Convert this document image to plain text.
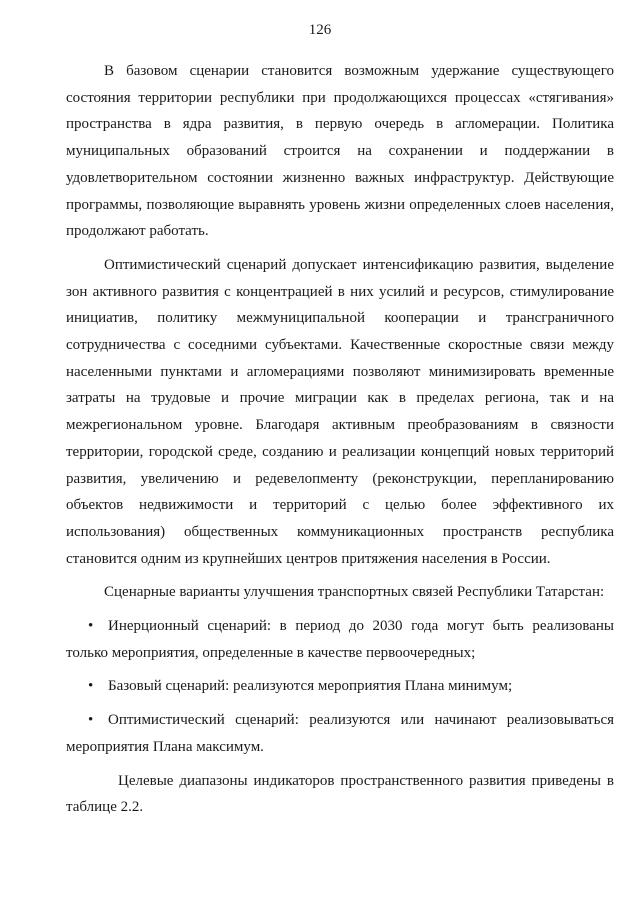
126

В базовом сценарии становится возможным удержание существующего состояния территории республики при продолжающихся процессах «стягивания» пространства в ядра развития, в первую очередь в агломерации. Политика муниципальных образований строится на сохранении и поддержании в удовлетворительном состоянии жизненно важных инфраструктур. Действующие программы, позволяющие выравнять уровень жизни определенных слоев населения, продолжают работать.

Оптимистический сценарий допускает интенсификацию развития, выделение зон активного развития с концентрацией в них усилий и ресурсов, стимулирование инициатив, политику межмуниципальной кооперации и трансграничного сотрудничества с соседними субъектами. Качественные скоростные связи между населенными пунктами и агломерациями позволяют минимизировать временные затраты на трудовые и прочие миграции как в пределах региона, так и на межрегиональном уровне. Благодаря активным преобразованиям в связности территории, городской среде, созданию и реализации концепций новых территорий развития, увеличению и редевелопменту (реконструкции, перепланированию объектов недвижимости и территорий с целью более эффективного их использования) общественных коммуникационных пространств республика становится одним из крупнейших центров притяжения населения в России.

Сценарные варианты улучшения транспортных связей Республики Татарстан:

• Инерционный сценарий: в период до 2030 года могут быть реализованы только мероприятия, определенные в качестве первоочередных;

• Базовый сценарий: реализуются мероприятия Плана минимум;

• Оптимистический сценарий: реализуются или начинают реализовываться мероприятия Плана максимум.

Целевые диапазоны индикаторов пространственного развития приведены в таблице 2.2.
